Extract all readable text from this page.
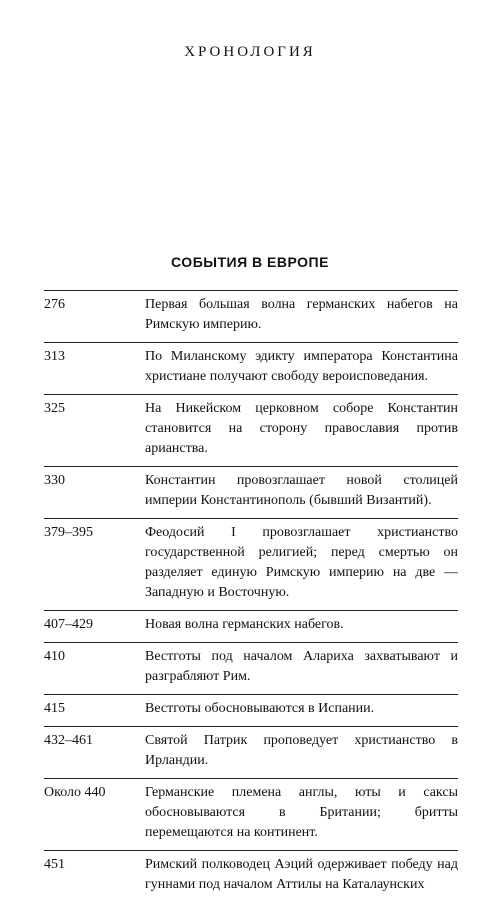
ХРОНОЛОГИЯ
СОБЫТИЯ В ЕВРОПЕ
276	Первая большая волна германских набегов на Римскую империю.
313	По Миланскому эдикту императора Константина христиане получают свободу вероисповедания.
325	На Никейском церковном соборе Константин становится на сторону православия против арианства.
330	Константин провозглашает новой столицей империи Константинополь (бывший Византий).
379–395	Феодосий I провозглашает христианство государственной религией; перед смертью он разделяет единую Римскую империю на две — Западную и Восточную.
407–429	Новая волна германских набегов.
410	Вестготы под началом Алариха захватывают и разграбляют Рим.
415	Вестготы обосновываются в Испании.
432–461	Святой Патрик проповедует христианство в Ирландии.
Около 440	Германские племена англы, юты и саксы обосновываются в Британии; бритты перемещаются на континент.
451	Римский полководец Аэций одерживает победу над гуннами под началом Аттилы на Каталаунских
